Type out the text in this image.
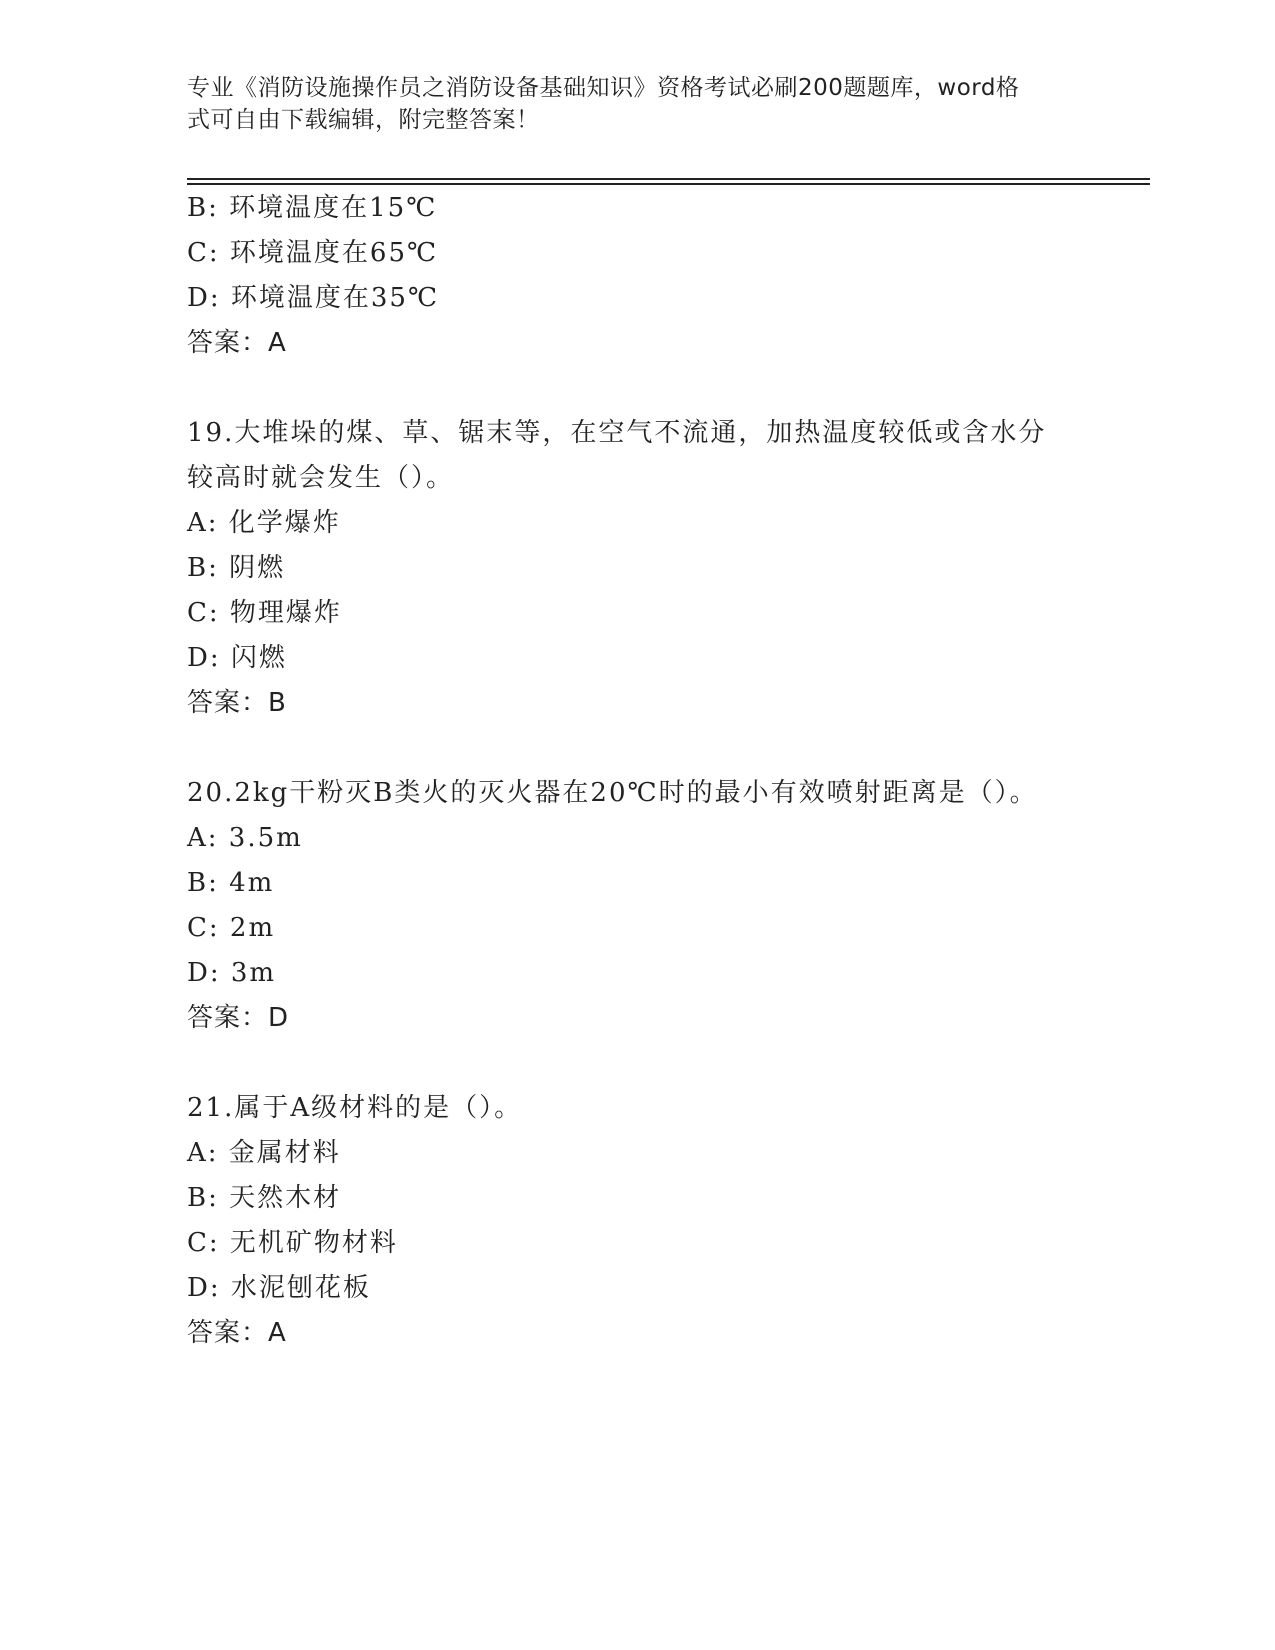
专业《消防设施操作员之消防设备基础知识》资格考试必刷200题题库，word格
式可自由下载编辑，附完整答案！
B: 环境温度在15℃
C: 环境温度在65℃
D: 环境温度在35℃
答案：A
19.大堆垛的煤、草、锯末等，在空气不流通，加热温度较低或含水分
较高时就会发生（）。
A: 化学爆炸
B: 阴燃
C: 物理爆炸
D: 闪燃
答案：B
20.2kg干粉灭B类火的灭火器在20℃时的最小有效喷射距离是（）。
A: 3.5m
B: 4m
C: 2m
D: 3m
答案：D
21.属于A级材料的是（）。
A: 金属材料
B: 天然木材
C: 无机矿物材料
D: 水泥刨花板
答案：A
